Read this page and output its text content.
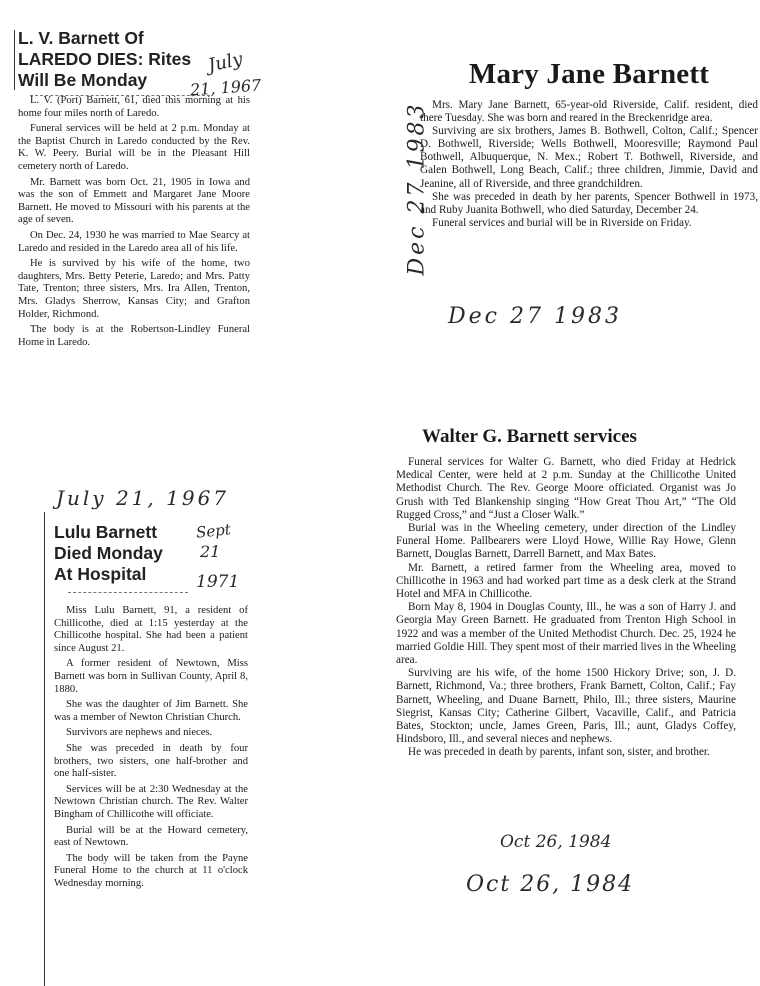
L. V. Barnett Of

LAREDO DIES: Rites

Will Be Monday

L. V. (Port) Barnett, 61, died this morning at his home four miles north of Laredo.

Funeral services will be held at 2 p.m. Monday at the Baptist Church in Laredo conducted by the Rev. K. W. Peery. Burial will be in the Pleasant Hill cemetery north of Laredo.

Mr. Barnett was born Oct. 21, 1905 in Iowa and was the son of Emmett and Margaret Jane Moore Barnett. He moved to Missouri with his parents at the age of seven.

On Dec. 24, 1930 he was married to Mae Searcy at Laredo and resided in the Laredo area all of his life.

He is survived by his wife of the home, two daughters, Mrs. Betty Peterie, Laredo; and Mrs. Patty Tate, Trenton; three sisters, Mrs. Ira Allen, Trenton, Mrs. Gladys Sherrow, Kansas City; and Grafton Holder, Richmond.

The body is at the Robertson-Lindley Funeral Home in Laredo.

July
21, 1967
July 21, 1967

Lulu Barnett

Died Monday

At Hospital

Miss Lulu Barnett, 91, a resident of Chillicothe, died at 1:15 yesterday at the Chillicothe hospital. She had been a patient since August 21.

A former resident of Newtown, Miss Barnett was born in Sullivan County, April 8, 1880.

She was the daughter of Jim Barnett. She was a member of Newton Christian Church.

Survivors are nephews and nieces.

She was preceded in death by four brothers, two sisters, one half-brother and one half-sister.

Services will be at 2:30 Wednesday at the Newtown Christian church. The Rev. Walter Bingham of Chillicothe will officiate.

Burial will be at the Howard cemetery, east of Newtown.

The body will be taken from the Payne Funeral Home to the church at 11 o'clock Wednesday morning.

Sept
21
1971

Mary Jane Barnett

Mrs. Mary Jane Barnett, 65-year-old Riverside, Calif. resident, died there Tuesday. She was born and reared in the Breckenridge area.

Surviving are six brothers, James B. Bothwell, Colton, Calif.; Spencer D. Bothwell, Riverside; Wells Bothwell, Mooresville; Raymond Paul Bothwell, Albuquerque, N. Mex.; Robert T. Bothwell, Riverside, and Galen Bothwell, Long Beach, Calif.; three children, Jimmie, David and Jeanine, all of Riverside, and three grandchildren.

She was preceded in death by her parents, Spencer Bothwell in 1973, and Ruby Juanita Bothwell, who died Saturday, December 24.

Funeral services and burial will be in Riverside on Friday.

Dec 27 1983
Dec 27 1983

Walter G. Barnett services

Funeral services for Walter G. Barnett, who died Friday at Hedrick Medical Center, were held at 2 p.m. Sunday at the Chillicothe United Methodist Church. The Rev. George Moore officiated. Organist was Jo Grush with Ted Blankenship singing “How Great Thou Art,” “The Old Rugged Cross,” and “Just a Closer Walk.”

Burial was in the Wheeling cemetery, under direction of the Lindley Funeral Home. Pallbearers were Lloyd Howe, Willie Ray Howe, Glenn Barnett, Douglas Barnett, Darrell Barnett, and Max Bates.

Mr. Barnett, a retired farmer from the Wheeling area, moved to Chillicothe in 1963 and had worked part time as a desk clerk at the Strand Hotel and MFA in Chillicothe.

Born May 8, 1904 in Douglas County, Ill., he was a son of Harry J. and Georgia May Green Barnett. He graduated from Trenton High School in 1922 and was a member of the United Methodist Church. Dec. 25, 1924 he married Goldie Hill. They spent most of their married lives in the Wheeling area.

Surviving are his wife, of the home 1500 Hickory Drive; son, J. D. Barnett, Richmond, Va.; three brothers, Frank Barnett, Colton, Calif.; Fay Barnett, Wheeling, and Duane Barnett, Philo, Ill.; three sisters, Maurine Siegrist, Kansas City; Catherine Gilbert, Vacaville, Calif., and Patricia Bates, Stockton; uncle, James Green, Paris, Ill.; aunt, Gladys Coffey, Hindsboro, Ill., and several nieces and nephews.

He was preceded in death by parents, infant son, sister, and brother.

Oct 26, 1984
Oct 26, 1984
